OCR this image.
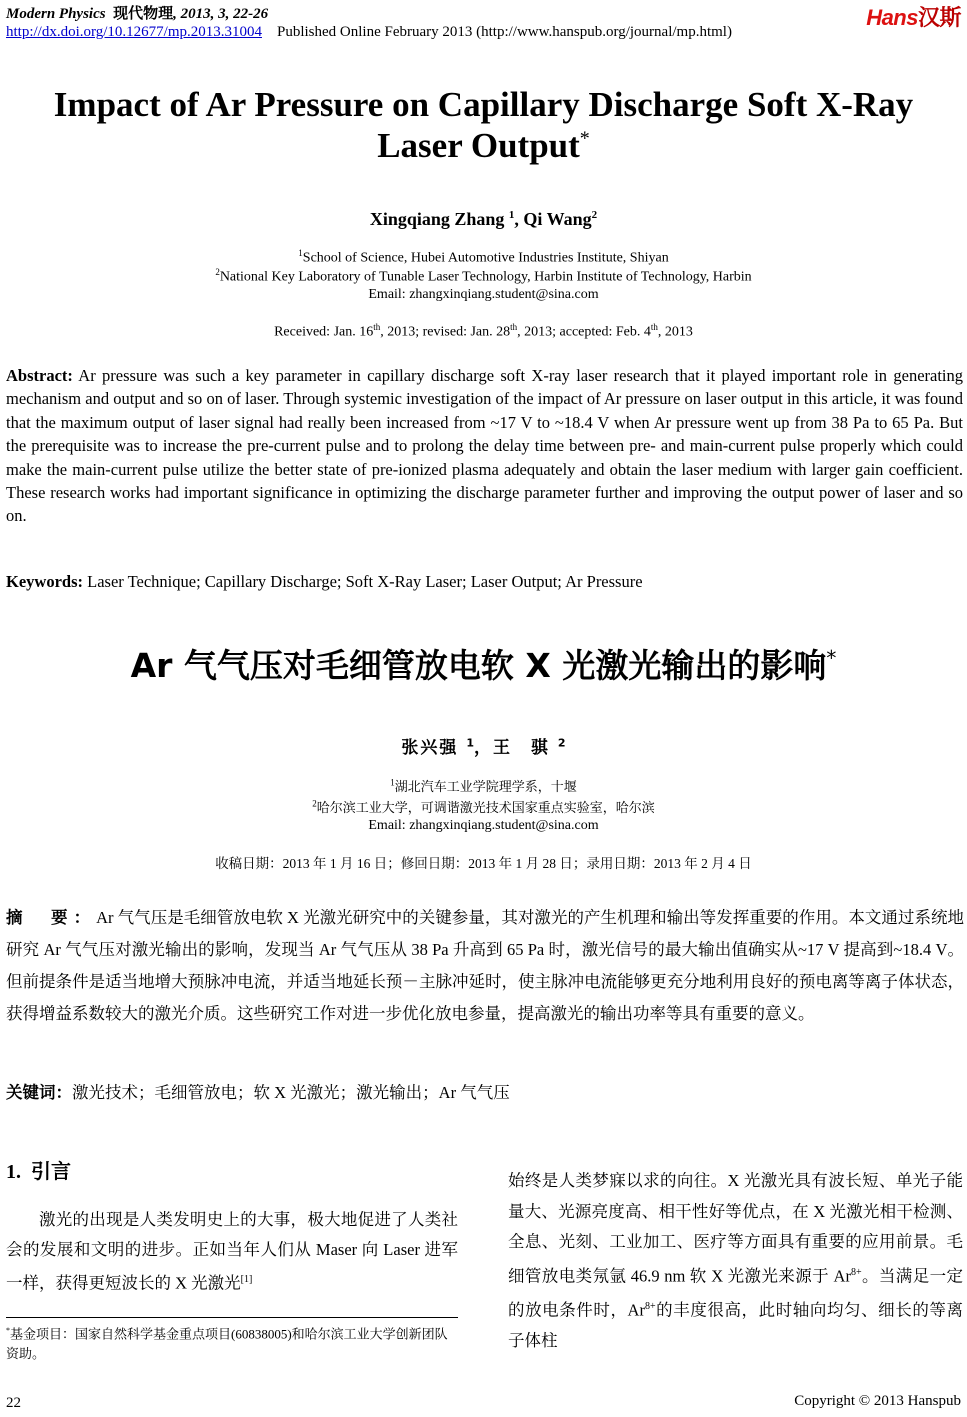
Modern Physics 现代物理, 2013, 3, 22-26
http://dx.doi.org/10.12677/mp.2013.31004 Published Online February 2013 (http://www.hanspub.org/journal/mp.html)
Hans汉斯
Impact of Ar Pressure on Capillary Discharge Soft X-Ray
Laser Output*
Xingqiang Zhang $^1$, Qi Wang$^2$
$^1$School of Science, Hubei Automotive Industries Institute, Shiyan
$^2$National Key Laboratory of Tunable Laser Technology, Harbin Institute of Technology, Harbin
Email: zhangxinqiang.student@sina.com
Received: Jan. 16th, 2013; revised: Jan. 28th, 2013; accepted: Feb. 4th, 2013
Abstract: Ar pressure was such a key parameter in capillary discharge soft X-ray laser research that it played important role in generating mechanism and output and so on of laser. Through systemic investigation of the impact of Ar pressure on laser output in this article, it was found that the maximum output of laser signal had really been increased from ~17 V to ~18.4 V when Ar pressure went up from 38 Pa to 65 Pa. But the prerequisite was to increase the pre-current pulse and to prolong the delay time between pre- and main-current pulse properly which could make the main-current pulse utilize the better state of pre-ionized plasma adequately and obtain the laser medium with larger gain coefficient. These research works had important significance in optimizing the discharge parameter further and improving the output power of laser and so on.
Keywords: Laser Technique; Capillary Discharge; Soft X-Ray Laser; Laser Output; Ar Pressure
Ar 气气压对毛细管放电软 X 光激光输出的影响*
张兴强 $^1$，王　骐 $^2$
$^1$湖北汽车工业学院理学系，十堰
$^2$哈尔滨工业大学，可调谐激光技术国家重点实验室，哈尔滨
Email: zhangxinqiang.student@sina.com
收稿日期：2013 年 1 月 16 日；修回日期：2013 年 1 月 28 日；录用日期：2013 年 2 月 4 日
摘　要：Ar 气气压是毛细管放电软 X 光激光研究中的关键参量，其对激光的产生机理和输出等发挥重要的作用。本文通过系统地研究 Ar 气气压对激光输出的影响，发现当 Ar 气气压从 38 Pa 升高到 65 Pa 时，激光信号的最大输出值确实从~17 V 提高到~18.4 V。但前提条件是适当地增大预脉冲电流，并适当地延长预－主脉冲延时，使主脉冲电流能够更充分地利用良好的预电离等离子体状态，获得增益系数较大的激光介质。这些研究工作对进一步优化放电参量，提高激光的输出功率等具有重要的意义。
关键词：激光技术；毛细管放电；软 X 光激光；激光输出；Ar 气气压
1. 引言
激光的出现是人类发明史上的大事，极大地促进了人类社会的发展和文明的进步。正如当年人们从 Maser 向 Laser 进军一样，获得更短波长的 X 光激光[1]
始终是人类梦寐以求的向往。X 光激光具有波长短、单光子能量大、光源亮度高、相干性好等优点，在 X 光激光相干检测、全息、光刻、工业加工、医疗等方面具有重要的应用前景。毛细管放电类氖氩 46.9 nm 软 X 光激光来源于 $Ar^{8+}$。当满足一定的放电条件时，$Ar^{8+}$的丰度很高，此时轴向均匀、细长的等离子体柱
*基金项目：国家自然科学基金重点项目(60838005)和哈尔滨工业大学创新团队资助。
22	Copyright © 2013 Hanspub
